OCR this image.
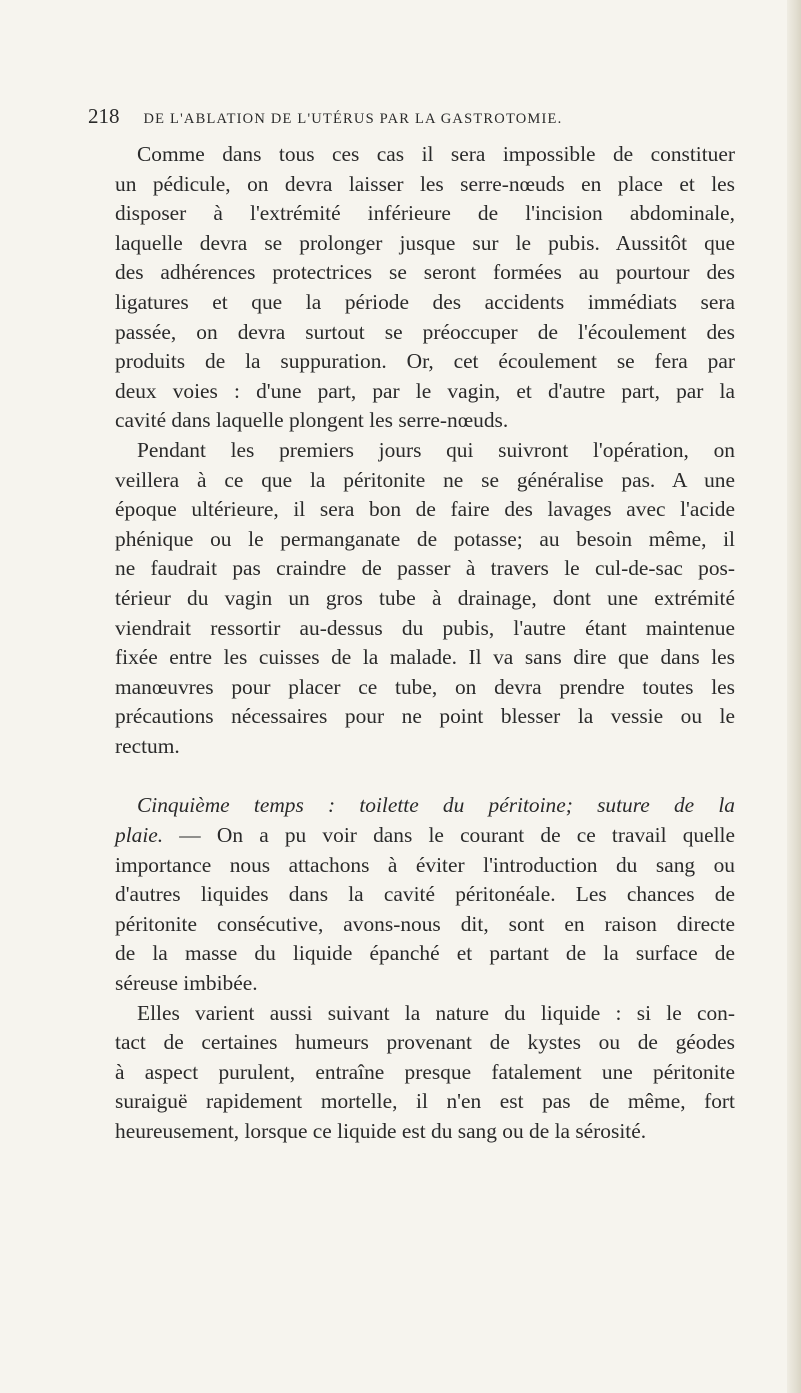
218 DE L'ABLATION DE L'UTÉRUS PAR LA GASTROTOMIE.

Comme dans tous ces cas il sera impossible de constituer

un pédicule, on devra laisser les serre-nœuds en place et les

disposer à l'extrémité inférieure de l'incision abdominale,

laquelle devra se prolonger jusque sur le pubis. Aussitôt que

des adhérences protectrices se seront formées au pourtour des

ligatures et que la période des accidents immédiats sera

passée, on devra surtout se préoccuper de l'écoulement des

produits de la suppuration. Or, cet écoulement se fera par

deux voies : d'une part, par le vagin, et d'autre part, par la

cavité dans laquelle plongent les serre-nœuds.

Pendant les premiers jours qui suivront l'opération, on

veillera à ce que la péritonite ne se généralise pas. A une

époque ultérieure, il sera bon de faire des lavages avec l'acide

phénique ou le permanganate de potasse; au besoin même, il

ne faudrait pas craindre de passer à travers le cul-de-sac pos-

térieur du vagin un gros tube à drainage, dont une extrémité

viendrait ressortir au-dessus du pubis, l'autre étant maintenue

fixée entre les cuisses de la malade. Il va sans dire que dans les

manœuvres pour placer ce tube, on devra prendre toutes les

précautions nécessaires pour ne point blesser la vessie ou le

rectum.

Cinquième temps : toilette du péritoine; suture de la

plaie. — On a pu voir dans le courant de ce travail quelle

importance nous attachons à éviter l'introduction du sang ou

d'autres liquides dans la cavité péritonéale. Les chances de

péritonite consécutive, avons-nous dit, sont en raison directe

de la masse du liquide épanché et partant de la surface de

séreuse imbibée.

Elles varient aussi suivant la nature du liquide : si le con-

tact de certaines humeurs provenant de kystes ou de géodes

à aspect purulent, entraîne presque fatalement une péritonite

suraiguë rapidement mortelle, il n'en est pas de même, fort

heureusement, lorsque ce liquide est du sang ou de la sérosité.
